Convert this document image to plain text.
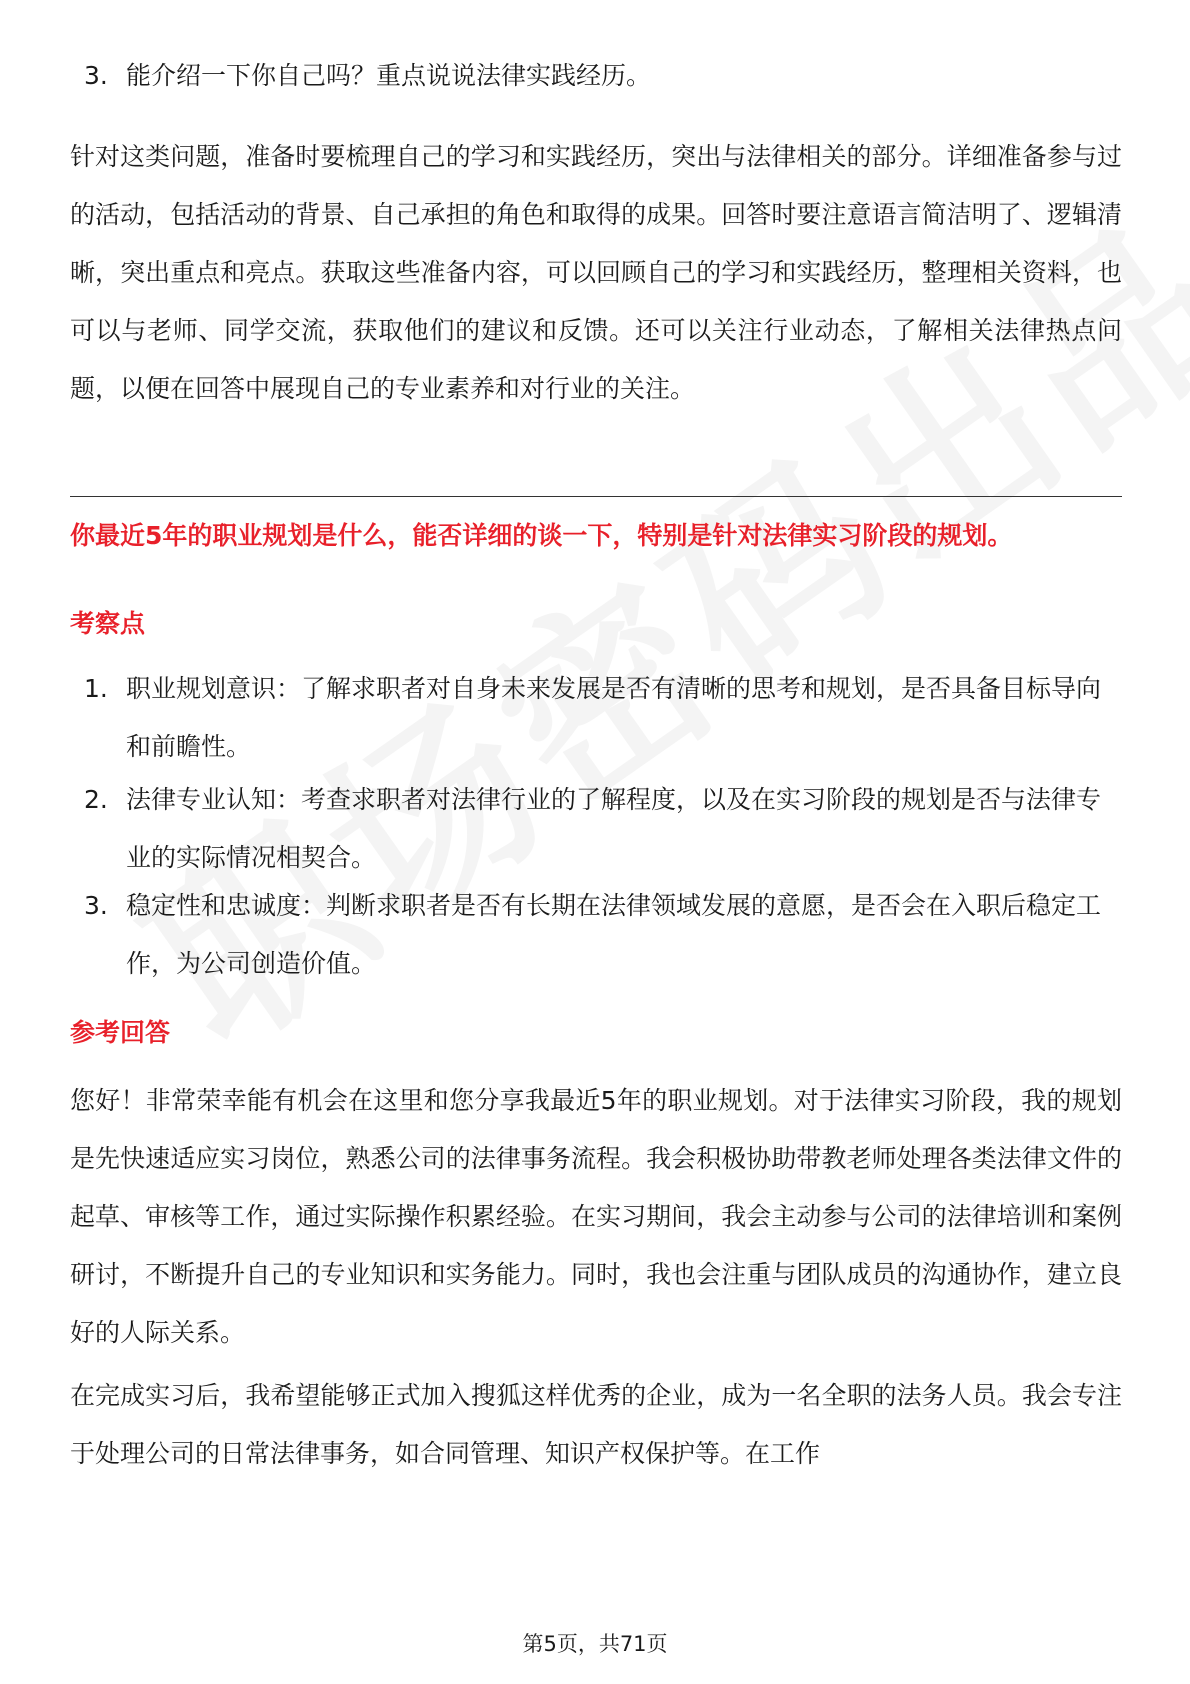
3. 能介绍一下你自己吗？重点说说法律实践经历。
针对这类问题，准备时要梳理自己的学习和实践经历，突出与法律相关的部分。详细准备参与过的活动，包括活动的背景、自己承担的角色和取得的成果。回答时要注意语言简洁明了、逻辑清晰，突出重点和亮点。获取这些准备内容，可以回顾自己的学习和实践经历，整理相关资料，也可以与老师、同学交流，获取他们的建议和反馈。还可以关注行业动态，了解相关法律热点问题，以便在回答中展现自己的专业素养和对行业的关注。
你最近5年的职业规划是什么，能否详细的谈一下，特别是针对法律实习阶段的规划。
考察点
1. 职业规划意识：了解求职者对自身未来发展是否有清晰的思考和规划，是否具备目标导向和前瞻性。
2. 法律专业认知：考查求职者对法律行业的了解程度，以及在实习阶段的规划是否与法律专业的实际情况相契合。
3. 稳定性和忠诚度：判断求职者是否有长期在法律领域发展的意愿，是否会在入职后稳定工作，为公司创造价值。
参考回答
您好！非常荣幸能有机会在这里和您分享我最近5年的职业规划。对于法律实习阶段，我的规划是先快速适应实习岗位，熟悉公司的法律事务流程。我会积极协助带教老师处理各类法律文件的起草、审核等工作，通过实际操作积累经验。在实习期间，我会主动参与公司的法律培训和案例研讨，不断提升自己的专业知识和实务能力。同时，我也会注重与团队成员的沟通协作，建立良好的人际关系。
在完成实习后，我希望能够正式加入搜狐这样优秀的企业，成为一名全职的法务人员。我会专注于处理公司的日常法律事务，如合同管理、知识产权保护等。在工作
第5页，共71页
